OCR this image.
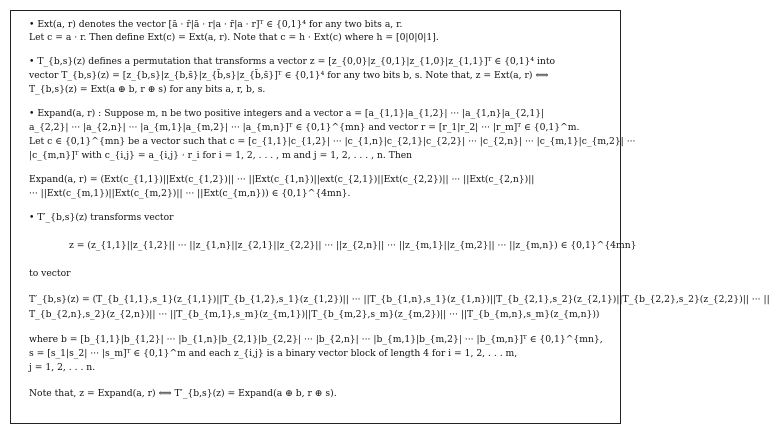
• Ext(a, r) denotes the vector [ā · r̄|ā · r|a · r̄|a · r]ᵀ ∈ {0,1}⁴ for any two bits a, r.
Let c = a · r. Then define Ext(c) = Ext(a, r). Note that c = h · Ext(c) where h = [0|0|0|1].
• T_{b,s}(z) defines a permutation that transforms a vector z = [z_{0,0}|z_{0,1}|z_{1,0}|z_{1,1}]ᵀ ∈ {0,1}⁴ into
vector T_{b,s}(z) = [z_{b,s}|z_{b,s̄}|z_{b̄,s}|z_{b̄,s̄}]ᵀ ∈ {0,1}⁴ for any two bits b, s. Note that, z = Ext(a, r) ⟺
T_{b,s}(z) = Ext(a ⊕ b, r ⊕ s) for any bits a, r, b, s.
• Expand(a, r) : Suppose m, n be two positive integers and a vector a = [a_{1,1}|a_{1,2}| ··· |a_{1,n}|a_{2,1}|
a_{2,2}| ··· |a_{2,n}| ··· |a_{m,1}|a_{m,2}| ··· |a_{m,n}]ᵀ ∈ {0,1}^{mn} and vector r = [r_1|r_2| ··· |r_m]ᵀ ∈ {0,1}^m.
Let c ∈ {0,1}^{mn} be a vector such that c = [c_{1,1}|c_{1,2}| ··· |c_{1,n}|c_{2,1}|c_{2,2}| ··· |c_{2,n}| ··· |c_{m,1}|c_{m,2}| ···
|c_{m,n}]ᵀ with c_{i,j} = a_{i,j} · r_i for i = 1, 2, . . . , m and j = 1, 2, . . . , n. Then
Expand(a, r) = (Ext(c_{1,1})||Ext(c_{1,2})|| ··· ||Ext(c_{1,n})||ext(c_{2,1})||Ext(c_{2,2})|| ··· ||Ext(c_{2,n})||
··· ||Ext(c_{m,1})||Ext(c_{m,2})|| ··· ||Ext(c_{m,n})) ∈ {0,1}^{4mn}.
• T′_{b,s}(z) transforms vector
z = (z_{1,1}||z_{1,2}|| ··· ||z_{1,n}||z_{2,1}||z_{2,2}|| ··· ||z_{2,n}|| ··· ||z_{m,1}||z_{m,2}|| ··· ||z_{m,n}) ∈ {0,1}^{4mn}
to vector
T′_{b,s}(z) = (T_{b_{1,1},s_1}(z_{1,1})||T_{b_{1,2},s_1}(z_{1,2})|| ··· ||T_{b_{1,n},s_1}(z_{1,n})||T_{b_{2,1},s_2}(z_{2,1})||T_{b_{2,2},s_2}(z_{2,2})|| ··· ||
T_{b_{2,n},s_2}(z_{2,n})|| ··· ||T_{b_{m,1},s_m}(z_{m,1})||T_{b_{m,2},s_m}(z_{m,2})|| ··· ||T_{b_{m,n},s_m}(z_{m,n}))
where b = [b_{1,1}|b_{1,2}| ··· |b_{1,n}|b_{2,1}|b_{2,2}| ··· |b_{2,n}| ··· |b_{m,1}|b_{m,2}| ··· |b_{m,n}]ᵀ ∈ {0,1}^{mn},
s = [s_1|s_2| ··· |s_m]ᵀ ∈ {0,1}^m and each z_{i,j} is a binary vector block of length 4 for i = 1, 2, . . . m,
j = 1, 2, . . . n.
Note that, z = Expand(a, r) ⟺ T′_{b,s}(z) = Expand(a ⊕ b, r ⊕ s).
